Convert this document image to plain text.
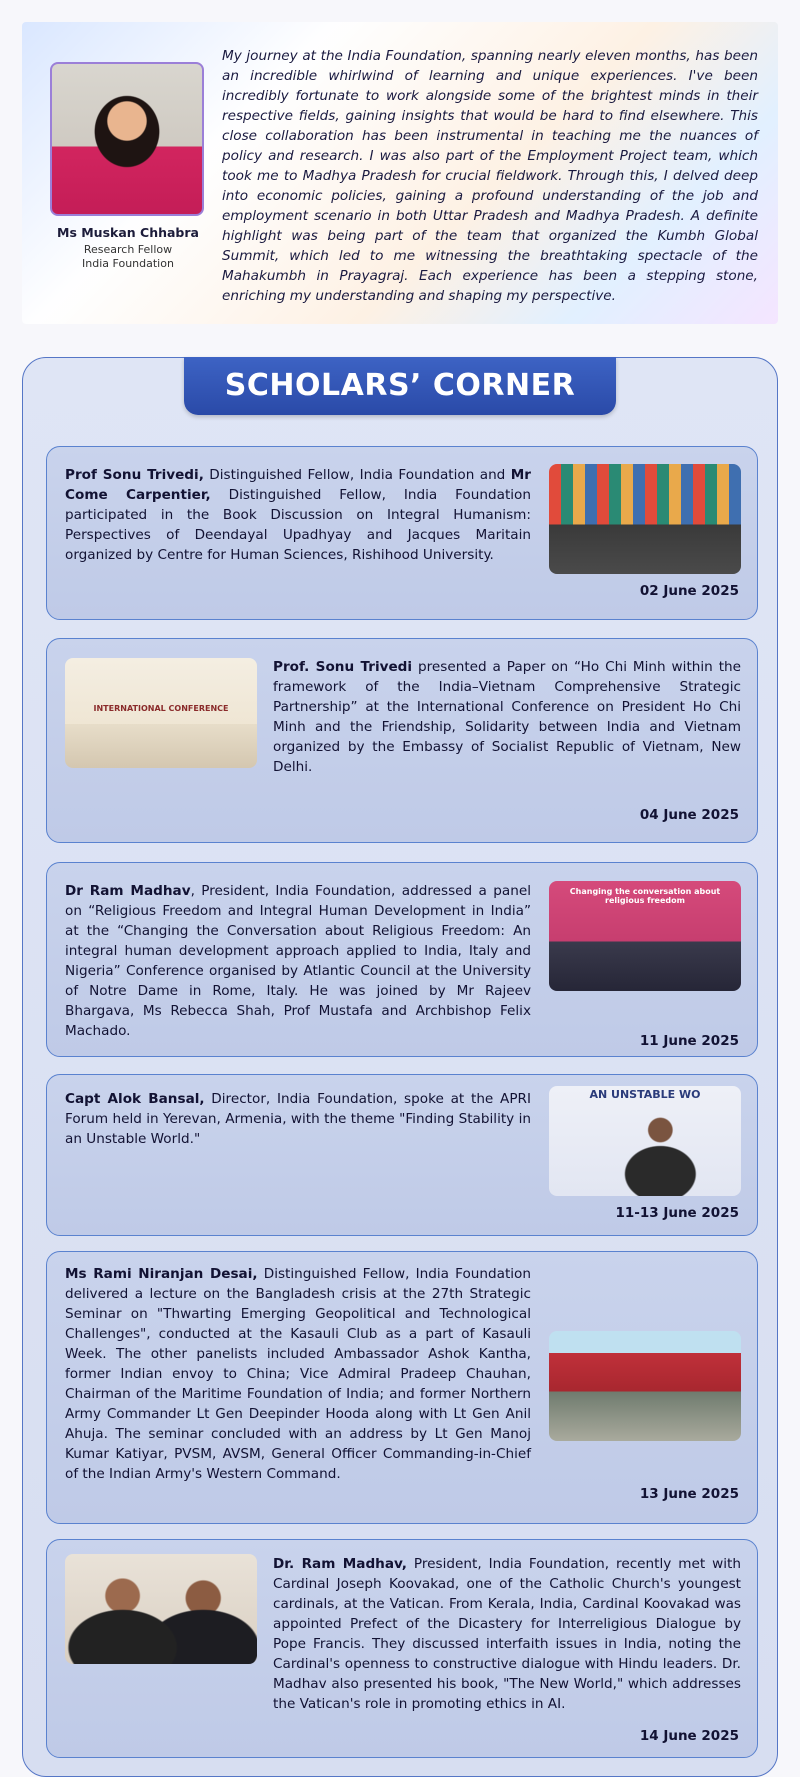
Ms Muskan Chhabra
Research Fellow
India Foundation
My journey at the India Foundation, spanning nearly eleven months, has been an incredible whirlwind of learning and unique experiences. I've been incredibly fortunate to work alongside some of the brightest minds in their respective fields, gaining insights that would be hard to find elsewhere. This close collaboration has been instrumental in teaching me the nuances of policy and research. I was also part of the Employment Project team, which took me to Madhya Pradesh for crucial fieldwork. Through this, I delved deep into economic policies, gaining a profound understanding of the job and employment scenario in both Uttar Pradesh and Madhya Pradesh. A definite highlight was being part of the team that organized the Kumbh Global Summit, which led to me witnessing the breathtaking spectacle of the Mahakumbh in Prayagraj. Each experience has been a stepping stone, enriching my understanding and shaping my perspective.
SCHOLARS’ CORNER
Prof Sonu Trivedi, Distinguished Fellow, India Foundation and Mr Come Carpentier, Distinguished Fellow, India Foundation participated in the Book Discussion on Integral Humanism: Perspectives of Deendayal Upadhyay and Jacques Maritain organized by Centre for Human Sciences, Rishihood University.
02 June 2025
INTERNATIONAL CONFERENCE
Prof. Sonu Trivedi presented a Paper on “Ho Chi Minh within the framework of the India–Vietnam Comprehensive Strategic Partnership” at the International Conference on President Ho Chi Minh and the Friendship, Solidarity between India and Vietnam organized by the Embassy of Socialist Republic of Vietnam, New Delhi.
04 June 2025
Dr Ram Madhav, President, India Foundation, addressed a panel on “Religious Freedom and Integral Human Development in India” at the “Changing the Conversation about Religious Freedom: An integral human development approach applied to India, Italy and Nigeria” Conference organised by Atlantic Council at the University of Notre Dame in Rome, Italy. He was joined by Mr Rajeev Bhargava, Ms Rebecca Shah, Prof Mustafa and Archbishop Felix Machado.
Changing the conversation about religious freedom
11 June 2025
Capt Alok Bansal, Director, India Foundation, spoke at the APRI Forum held in Yerevan, Armenia, with the theme "Finding Stability in an Unstable World."
AN UNSTABLE WO
11-13 June 2025
Ms Rami Niranjan Desai, Distinguished Fellow, India Foundation delivered a lecture on the Bangladesh crisis at the 27th Strategic Seminar on "Thwarting Emerging Geopolitical and Technological Challenges", conducted at the Kasauli Club as a part of Kasauli Week. The other panelists included Ambassador Ashok Kantha, former Indian envoy to China; Vice Admiral Pradeep Chauhan, Chairman of the Maritime Foundation of India; and former Northern Army Commander Lt Gen Deepinder Hooda along with Lt Gen Anil Ahuja. The seminar concluded with an address by Lt Gen Manoj Kumar Katiyar, PVSM, AVSM, General Officer Commanding-in-Chief of the Indian Army's Western Command.
13 June 2025
Dr. Ram Madhav, President, India Foundation, recently met with Cardinal Joseph Koovakad, one of the Catholic Church's youngest cardinals, at the Vatican. From Kerala, India, Cardinal Koovakad was appointed Prefect of the Dicastery for Interreligious Dialogue by Pope Francis. They discussed interfaith issues in India, noting the Cardinal's openness to constructive dialogue with Hindu leaders. Dr. Madhav also presented his book, "The New World," which addresses the Vatican's role in promoting ethics in AI.
14 June 2025
